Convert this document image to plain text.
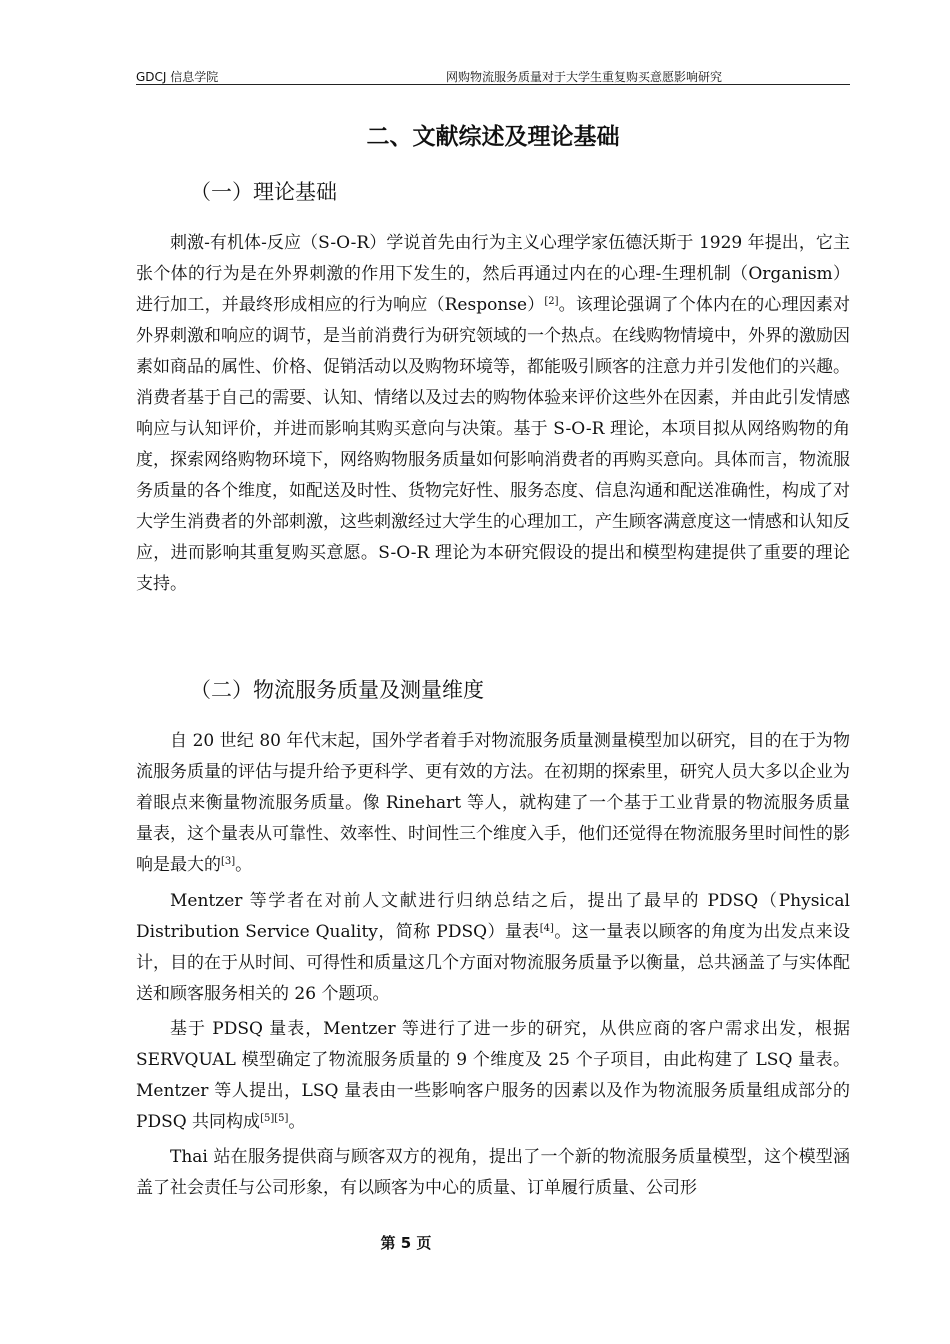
GDCJ 信息学院	网购物流服务质量对于大学生重复购买意愿影响研究
二、文献综述及理论基础
（一）理论基础

刺激-有机体-反应（S-O-R）学说首先由行为主义心理学家伍德沃斯于 1929 年提出，它主张个体的行为是在外界刺激的作用下发生的，然后再通过内在的心理-生理机制（Organism）进行加工，并最终形成相应的行为响应（Response）[2]。该理论强调了个体内在的心理因素对外界刺激和响应的调节，是当前消费行为研究领域的一个热点。在线购物情境中，外界的激励因素如商品的属性、价格、促销活动以及购物环境等，都能吸引顾客的注意力并引发他们的兴趣。消费者基于自己的需要、认知、情绪以及过去的购物体验来评价这些外在因素，并由此引发情感响应与认知评价，并进而影响其购买意向与决策。基于 S-O-R 理论，本项目拟从网络购物的角度，探索网络购物环境下，网络购物服务质量如何影响消费者的再购买意向。具体而言，物流服务质量的各个维度，如配送及时性、货物完好性、服务态度、信息沟通和配送准确性，构成了对大学生消费者的外部刺激，这些刺激经过大学生的心理加工，产生顾客满意度这一情感和认知反应，进而影响其重复购买意愿。S-O-R 理论为本研究假设的提出和模型构建提供了重要的理论支持。

（二）物流服务质量及测量维度

自 20 世纪 80 年代末起，国外学者着手对物流服务质量测量模型加以研究，目的在于为物流服务质量的评估与提升给予更科学、更有效的方法。在初期的探索里，研究人员大多以企业为着眼点来衡量物流服务质量。像 Rinehart 等人，就构建了一个基于工业背景的物流服务质量量表，这个量表从可靠性、效率性、时间性三个维度入手，他们还觉得在物流服务里时间性的影响是最大的[3]。

Mentzer 等学者在对前人文献进行归纳总结之后，提出了最早的 PDSQ（Physical Distribution Service Quality，简称 PDSQ）量表[4]。这一量表以顾客的角度为出发点来设计，目的在于从时间、可得性和质量这几个方面对物流服务质量予以衡量，总共涵盖了与实体配送和顾客服务相关的 26 个题项。

基于 PDSQ 量表，Mentzer 等进行了进一步的研究，从供应商的客户需求出发，根据 SERVQUAL 模型确定了物流服务质量的 9 个维度及 25 个子项目，由此构建了 LSQ 量表。Mentzer 等人提出，LSQ 量表由一些影响客户服务的因素以及作为物流服务质量组成部分的 PDSQ 共同构成[5][5]。

Thai 站在服务提供商与顾客双方的视角，提出了一个新的物流服务质量模型，这个模型涵盖了社会责任与公司形象，有以顾客为中心的质量、订单履行质量、公司形

第 5 页
